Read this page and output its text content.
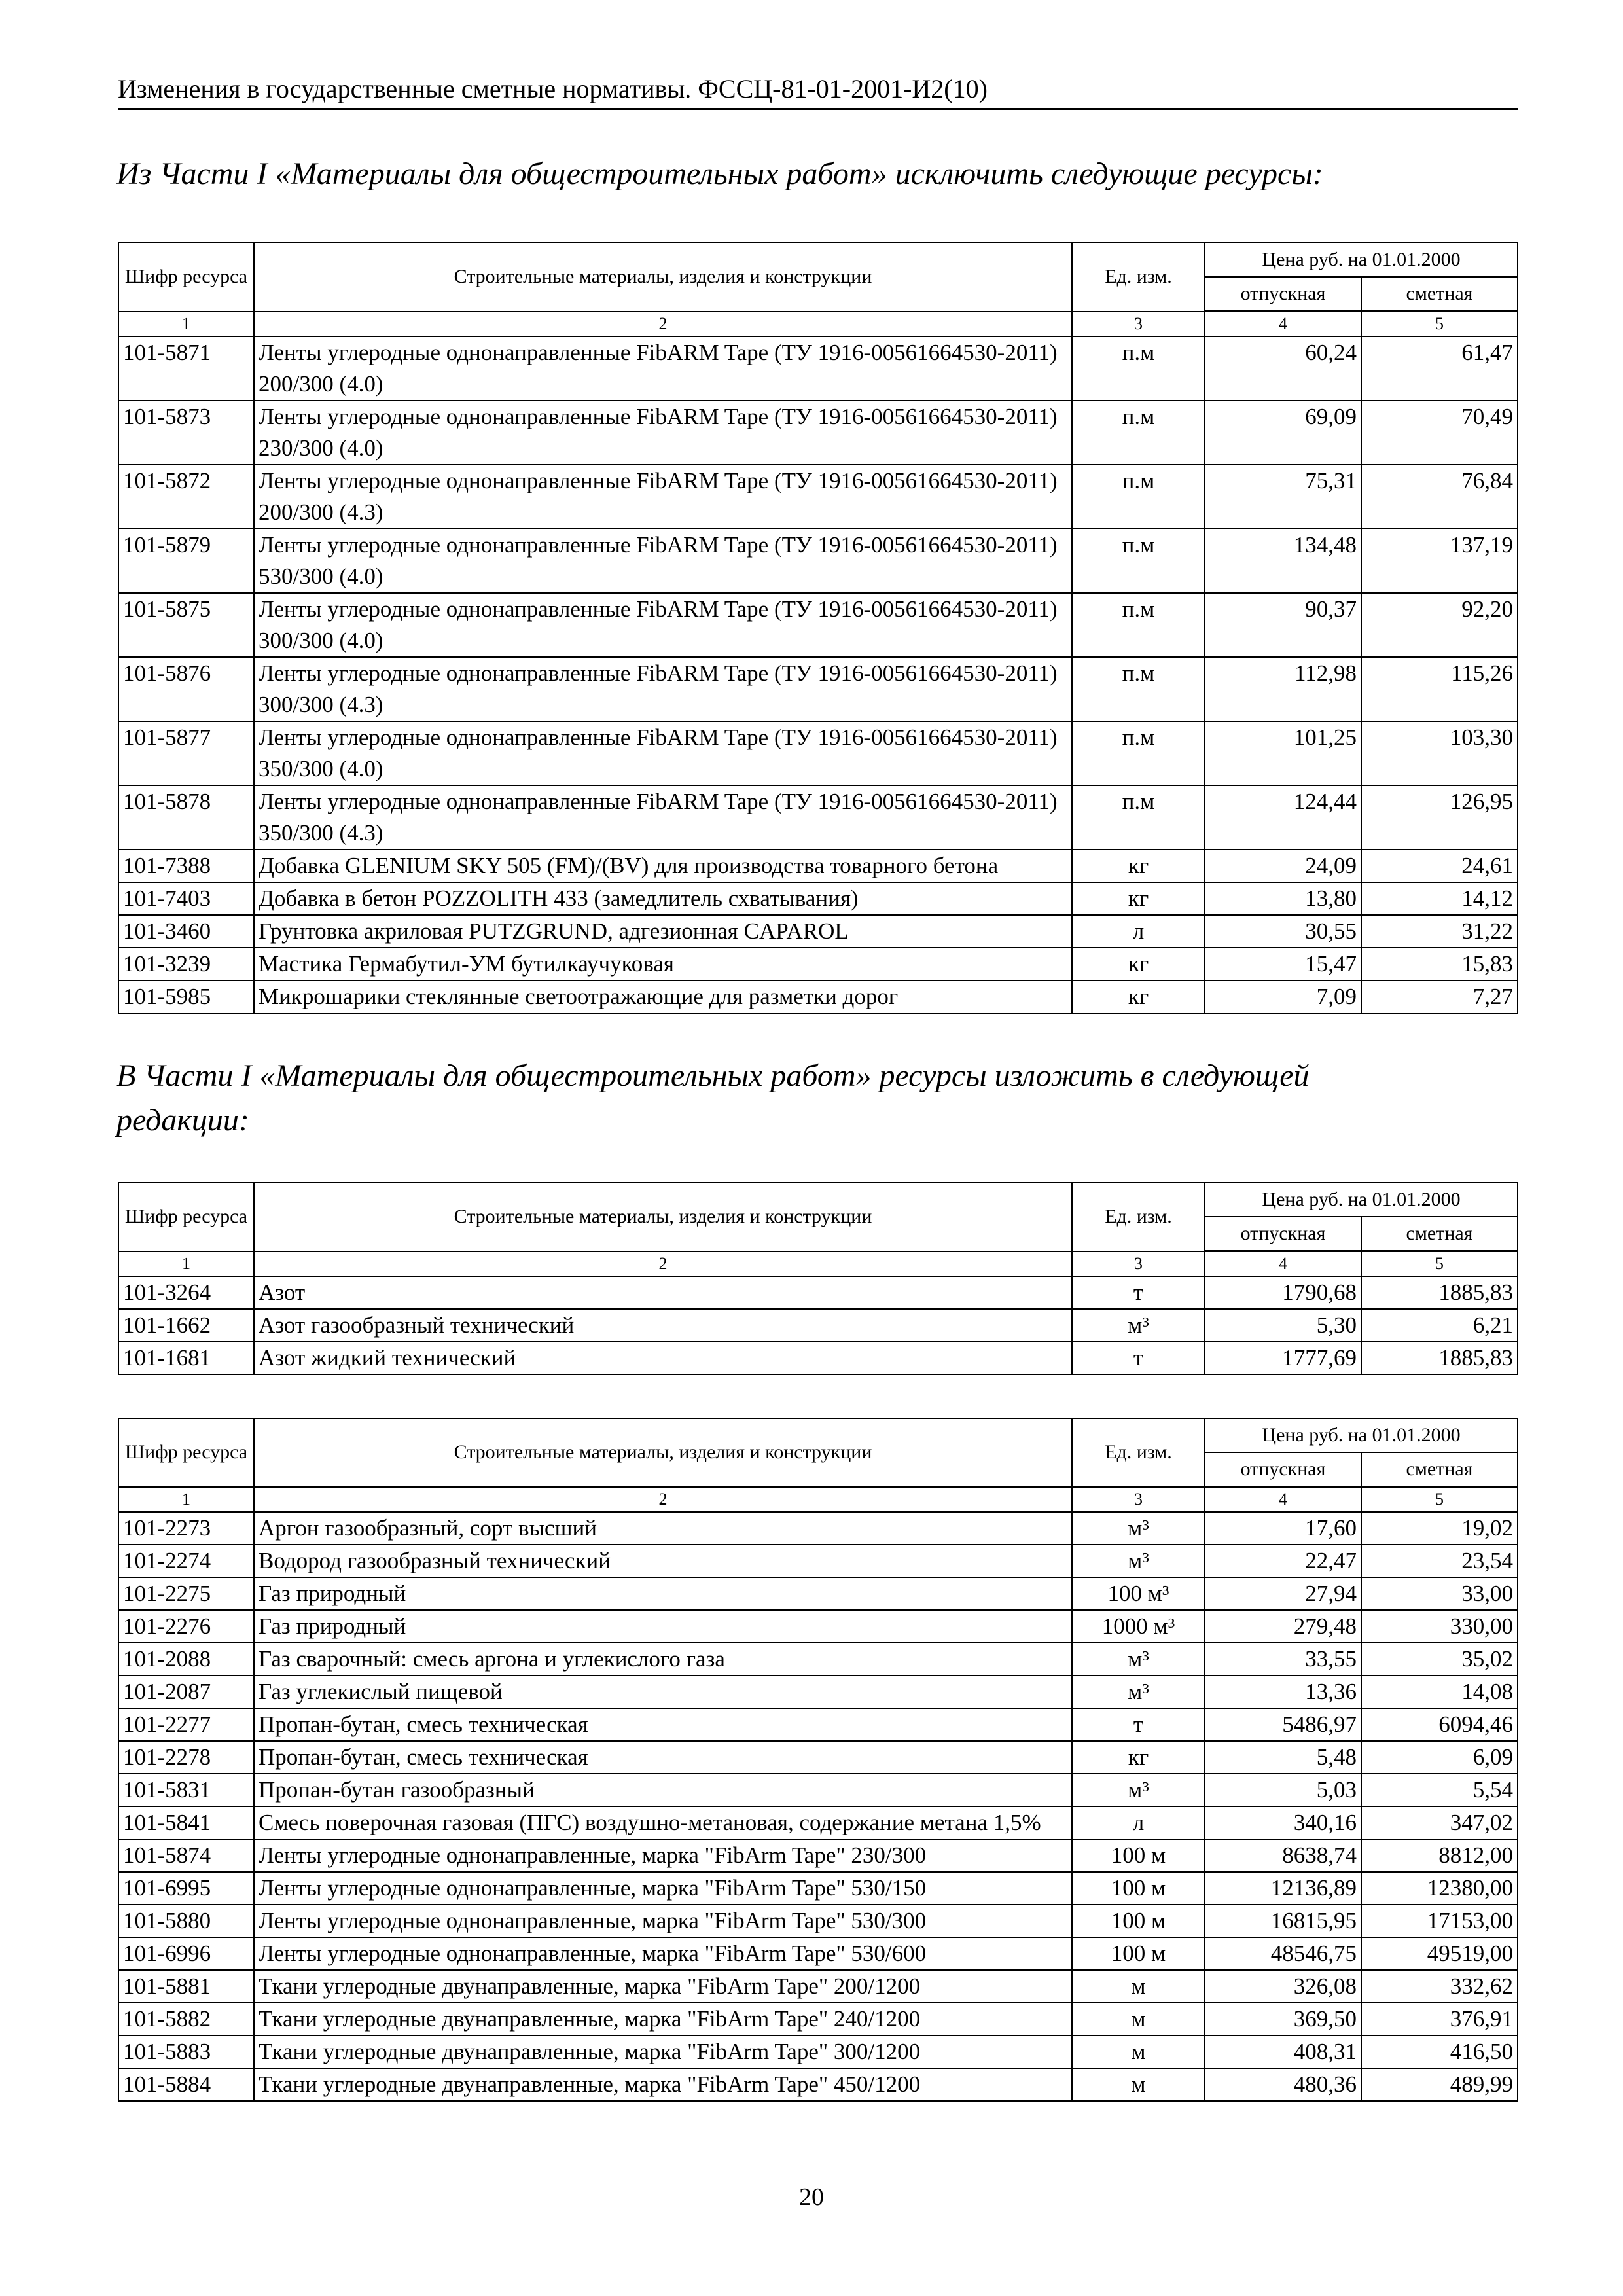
Изменения в государственные сметные нормативы. ФССЦ-81-01-2001-И2(10)
Из Части I «Материалы для общестроительных работ» исключить следующие ресурсы:
Шифр ресурса	Строительные материалы, изделия и конструкции	Ед. изм.	Цена руб. на 01.01.2000	
			отпускная	сметная
1	2	3	4	5
101-5871	Ленты углеродные однонаправленные FibARM Tape (ТУ 1916-00561664530-2011) 200/300 (4.0)	п.м	60,24	61,47
101-5873	Ленты углеродные однонаправленные FibARM Tape (ТУ 1916-00561664530-2011) 230/300 (4.0)	п.м	69,09	70,49
101-5872	Ленты углеродные однонаправленные FibARM Tape (ТУ 1916-00561664530-2011) 200/300 (4.3)	п.м	75,31	76,84
101-5879	Ленты углеродные однонаправленные FibARM Tape (ТУ 1916-00561664530-2011) 530/300 (4.0)	п.м	134,48	137,19
101-5875	Ленты углеродные однонаправленные FibARM Tape (ТУ 1916-00561664530-2011) 300/300 (4.0)	п.м	90,37	92,20
101-5876	Ленты углеродные однонаправленные FibARM Tape (ТУ 1916-00561664530-2011) 300/300 (4.3)	п.м	112,98	115,26
101-5877	Ленты углеродные однонаправленные FibARM Tape (ТУ 1916-00561664530-2011) 350/300 (4.0)	п.м	101,25	103,30
101-5878	Ленты углеродные однонаправленные FibARM Tape (ТУ 1916-00561664530-2011) 350/300 (4.3)	п.м	124,44	126,95
101-7388	Добавка GLENIUM SKY 505 (FM)/(BV) для производства товарного бетона	кг	24,09	24,61
101-7403	Добавка в бетон POZZOLITH 433 (замедлитель схватывания)	кг	13,80	14,12
101-3460	Грунтовка акриловая PUTZGRUND, адгезионная CAPAROL	л	30,55	31,22
101-3239	Мастика Гермабутил-УМ бутилкаучуковая	кг	15,47	15,83
101-5985	Микрошарики стеклянные светоотражающие для разметки дорог	кг	7,09	7,27
В Части I «Материалы для общестроительных работ» ресурсы изложить в следующей редакции:
Шифр ресурса	Строительные материалы, изделия и конструкции	Ед. изм.	Цена руб. на 01.01.2000	
			отпускная	сметная
1	2	3	4	5
101-3264	Азот	т	1790,68	1885,83
101-1662	Азот газообразный технический	м³	5,30	6,21
101-1681	Азот жидкий технический	т	1777,69	1885,83
Шифр ресурса	Строительные материалы, изделия и конструкции	Ед. изм.	Цена руб. на 01.01.2000	
			отпускная	сметная
1	2	3	4	5
101-2273	Аргон газообразный, сорт высший	м³	17,60	19,02
101-2274	Водород газообразный технический	м³	22,47	23,54
101-2275	Газ природный	100 м³	27,94	33,00
101-2276	Газ природный	1000 м³	279,48	330,00
101-2088	Газ сварочный: смесь аргона и углекислого газа	м³	33,55	35,02
101-2087	Газ углекислый пищевой	м³	13,36	14,08
101-2277	Пропан-бутан, смесь техническая	т	5486,97	6094,46
101-2278	Пропан-бутан, смесь техническая	кг	5,48	6,09
101-5831	Пропан-бутан газообразный	м³	5,03	5,54
101-5841	Смесь поверочная газовая (ПГС) воздушно-метановая, содержание метана 1,5%	л	340,16	347,02
101-5874	Ленты углеродные однонаправленные, марка "FibArm Tape" 230/300	100 м	8638,74	8812,00
101-6995	Ленты углеродные однонаправленные, марка "FibArm Tape" 530/150	100 м	12136,89	12380,00
101-5880	Ленты углеродные однонаправленные, марка "FibArm Tape" 530/300	100 м	16815,95	17153,00
101-6996	Ленты углеродные однонаправленные, марка "FibArm Tape" 530/600	100 м	48546,75	49519,00
101-5881	Ткани углеродные двунаправленные, марка "FibArm Tape" 200/1200	м	326,08	332,62
101-5882	Ткани углеродные двунаправленные, марка "FibArm Tape" 240/1200	м	369,50	376,91
101-5883	Ткани углеродные двунаправленные, марка "FibArm Tape" 300/1200	м	408,31	416,50
101-5884	Ткани углеродные двунаправленные, марка "FibArm Tape" 450/1200	м	480,36	489,99
20
